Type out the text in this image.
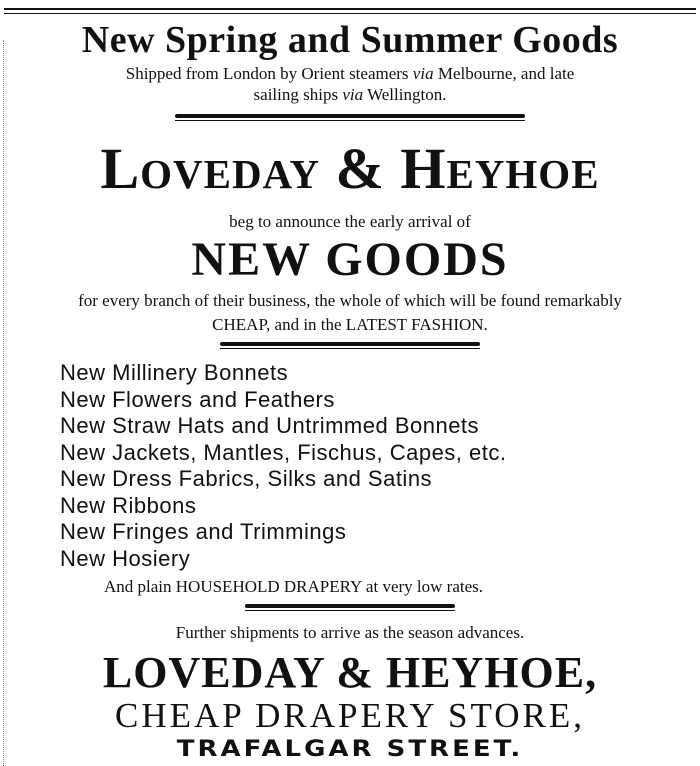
New Spring and Summer Goods
Shipped from London by Orient steamers via Melbourne, and late
sailing ships via Wellington.
Loveday & Heyhoe
beg to announce the early arrival of
NEW GOODS
for every branch of their business, the whole of which will be found remarkably
CHEAP, and in the LATEST FASHION.
New Millinery Bonnets
New Flowers and Feathers
New Straw Hats and Untrimmed Bonnets
New Jackets, Mantles, Fischus, Capes, etc.
New Dress Fabrics, Silks and Satins
New Ribbons
New Fringes and Trimmings
New Hosiery
And plain HOUSEHOLD DRAPERY at very low rates.
Further shipments to arrive as the season advances.
LOVEDAY & HEYHOE,
CHEAP DRAPERY STORE,
TRAFALGAR STREET.
